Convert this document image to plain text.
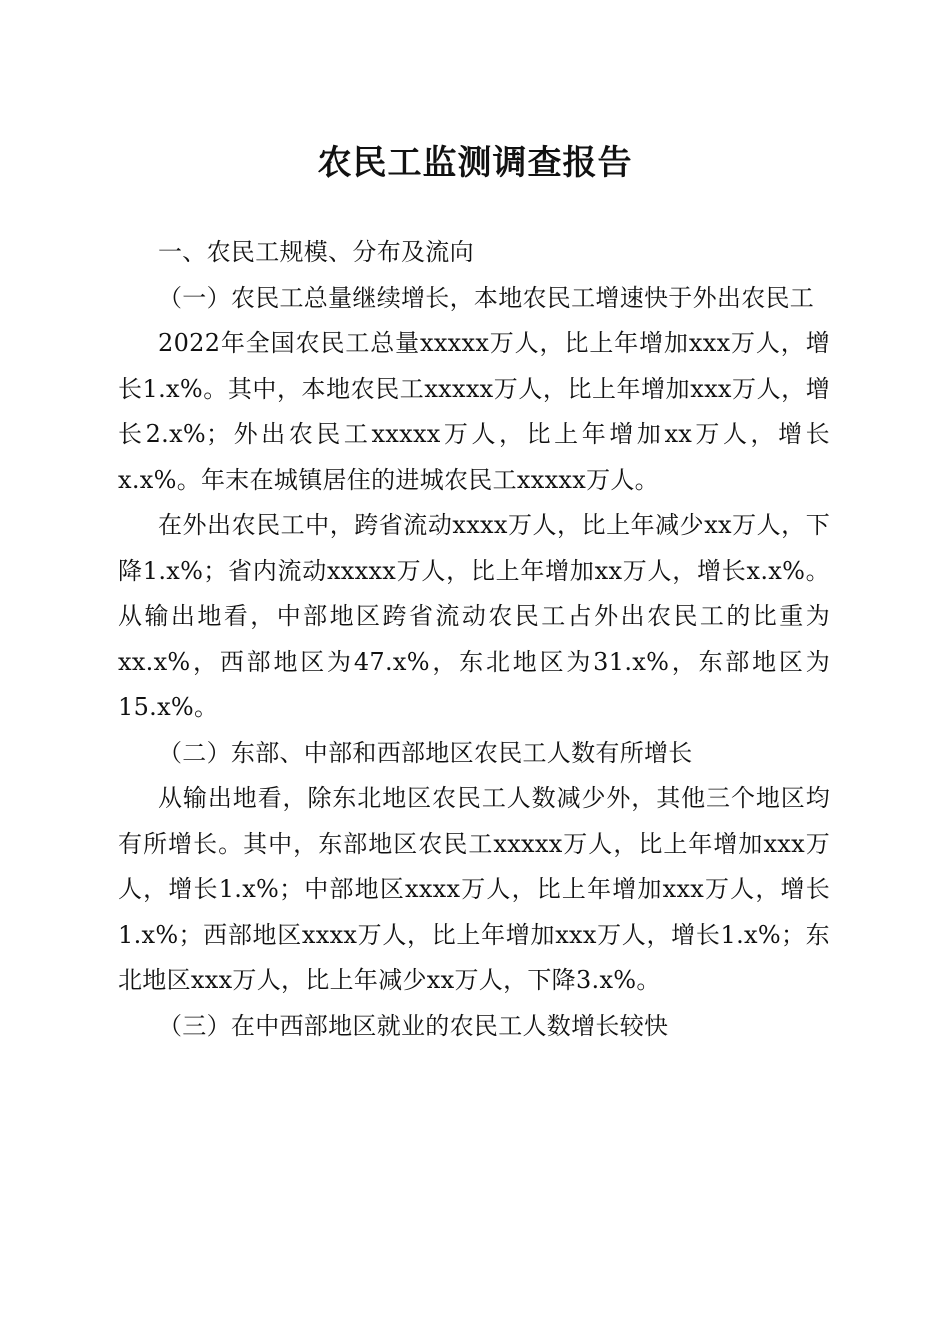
农民工监测调查报告
一、农民工规模、分布及流向
（一）农民工总量继续增长，本地农民工增速快于外出农民工

2022年全国农民工总量xxxxx万人，比上年增加xxx万人，增长1.x%。其中，本地农民工xxxxx万人，比上年增加xxx万人，增长2.x%；外出农民工xxxxx万人，比上年增加xx万人，增长x.x%。年末在城镇居住的进城农民工xxxxx万人。

在外出农民工中，跨省流动xxxx万人，比上年减少xx万人，下降1.x%；省内流动xxxxx万人，比上年增加xx万人，增长x.x%。从输出地看，中部地区跨省流动农民工占外出农民工的比重为xx.x%，西部地区为47.x%，东北地区为31.x%，东部地区为15.x%。

（二）东部、中部和西部地区农民工人数有所增长

从输出地看，除东北地区农民工人数减少外，其他三个地区均有所增长。其中，东部地区农民工xxxxx万人，比上年增加xxx万人，增长1.x%；中部地区xxxx万人，比上年增加xxx万人，增长1.x%；西部地区xxxx万人，比上年增加xxx万人，增长1.x%；东北地区xxx万人，比上年减少xx万人，下降3.x%。

（三）在中西部地区就业的农民工人数增长较快
